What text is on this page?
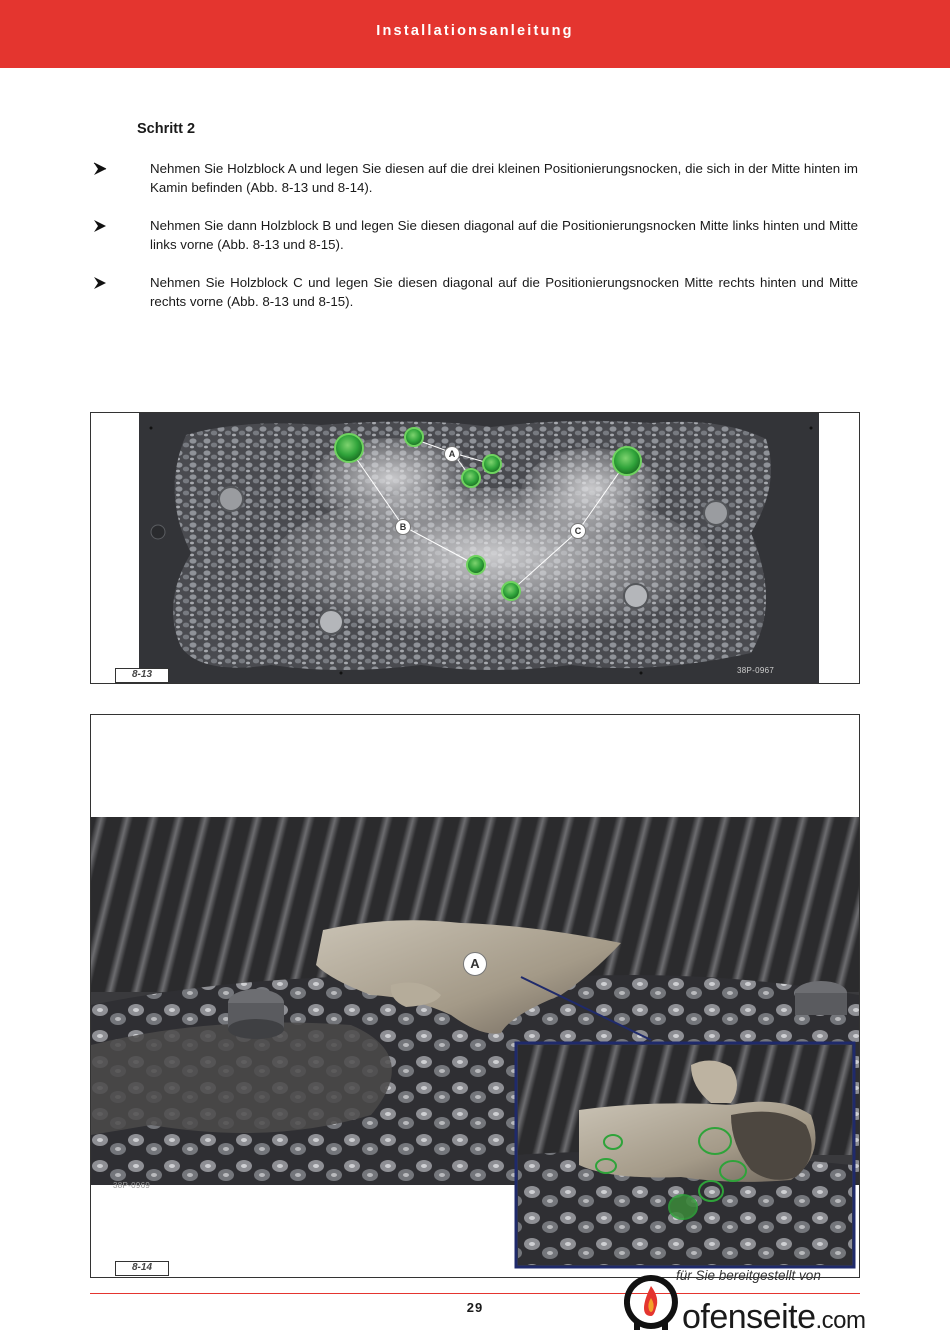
Installationsanleitung
Schritt 2
Nehmen Sie Holzblock A und legen Sie diesen auf die drei kleinen Positionierungsnocken, die sich in der Mitte hinten im Kamin befinden (Abb. 8-13 und 8-14).
Nehmen Sie dann Holzblock B und legen Sie diesen diagonal auf die Positionierungsnocken Mitte links hinten und Mitte links vorne (Abb. 8-13 und 8-15).
Nehmen Sie Holzblock C und legen Sie diesen diagonal auf die Positionierungsnocken Mitte rechts hinten und Mitte rechts vorne (Abb. 8-13 und 8-15).
A
B	C
38P-0967
8-13
A
38P-0969
8-14
29
für Sie bereitgestellt von
ofenseite.com
